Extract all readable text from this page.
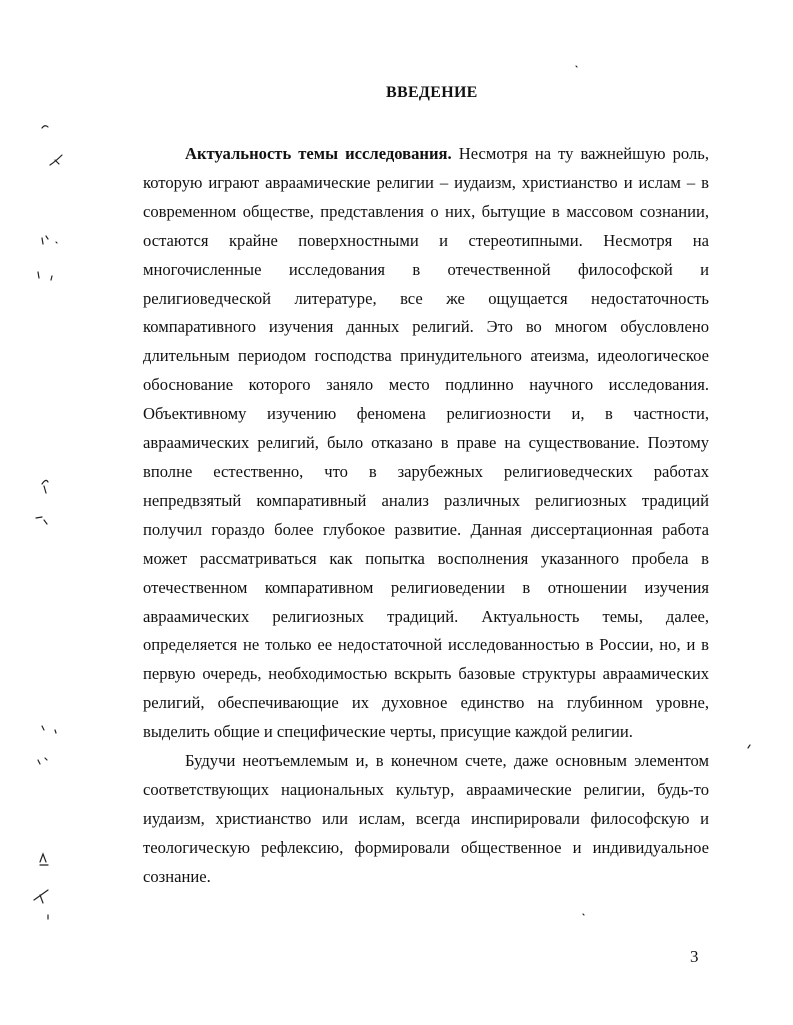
ВВЕДЕНИЕ

Актуальность темы исследования. Несмотря на ту важнейшую роль, которую играют авраамические религии – иудаизм, христианство и ислам – в современном обществе, представления о них, бытущие в массовом сознании, остаются крайне поверхностными и стереотипными. Несмотря на многочисленные исследования в отечественной философской и религиоведческой литературе, все же ощущается недостаточность компаративного изучения данных религий. Это во многом обусловлено длительным периодом господства принудительного атеизма, идеологическое обоснование которого заняло место подлинно научного исследования. Объективному изучению феномена религиозности и, в частности, авраамических религий, было отказано в праве на существование. Поэтому вполне естественно, что в зарубежных религиоведческих работах непредвзятый компаративный анализ различных религиозных традиций получил гораздо более глубокое развитие. Данная диссертационная работа может рассматриваться как попытка восполнения указанного пробела в отечественном компаративном религиоведении в отношении изучения авраамических религиозных традиций. Актуальность темы, далее, определяется не только ее недостаточной исследованностью в России, но, и в первую очередь, необходимостью вскрыть базовые структуры авраамических религий, обеспечивающие их духовное единство на глубинном уровне, выделить общие и специфические черты, присущие каждой религии.

Будучи неотъемлемым и, в конечном счете, даже основным элементом соответствующих национальных культур, авраамические религии, будь-то иудаизм, христианство или ислам, всегда инспирировали философскую и теологическую рефлексию, формировали общественное и индивидуальное сознание.

3
